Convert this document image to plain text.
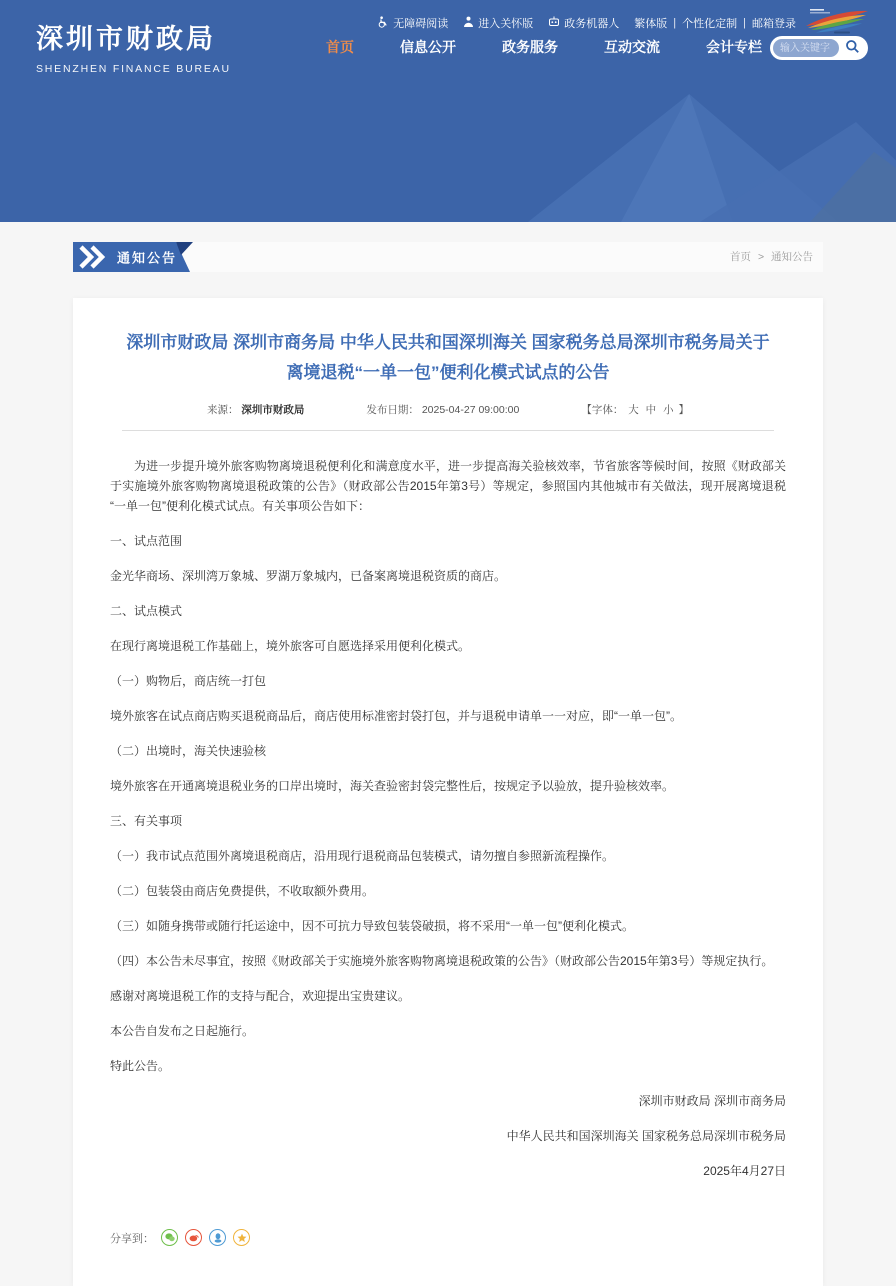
深圳市财政局
SHENZHEN FINANCE BUREAU
无障碍阅读	进入关怀版	政务机器人 繁体版 | 个性化定制 | 邮箱登录
首页	信息公开	政务服务	互动交流	会计专栏
输入关键字
通知公告	首页 > 通知公告
深圳市财政局 深圳市商务局 中华人民共和国深圳海关 国家税务总局深圳市税务局关于离境退税“一单一包”便利化模式试点的公告
来源： 深圳市财政局	发布日期： 2025-04-27 09:00:00	【字体： 大 中 小 】

为进一步提升境外旅客购物离境退税便利化和满意度水平，进一步提高海关验核效率，节省旅客等候时间，按照《财政部关于实施境外旅客购物离境退税政策的公告》（财政部公告2015年第3号）等规定，参照国内其他城市有关做法，现开展离境退税“一单一包”便利化模式试点。有关事项公告如下：

一、试点范围

金光华商场、深圳湾万象城、罗湖万象城内，已备案离境退税资质的商店。

二、试点模式

在现行离境退税工作基础上，境外旅客可自愿选择采用便利化模式。

（一）购物后，商店统一打包

境外旅客在试点商店购买退税商品后，商店使用标准密封袋打包，并与退税申请单一一对应，即“一单一包”。

（二）出境时，海关快速验核

境外旅客在开通离境退税业务的口岸出境时，海关查验密封袋完整性后，按规定予以验放，提升验核效率。

三、有关事项

（一）我市试点范围外离境退税商店，沿用现行退税商品包装模式，请勿擅自参照新流程操作。

（二）包装袋由商店免费提供，不收取额外费用。

（三）如随身携带或随行托运途中，因不可抗力导致包装袋破损，将不采用“一单一包”便利化模式。

（四）本公告未尽事宜，按照《财政部关于实施境外旅客购物离境退税政策的公告》（财政部公告2015年第3号）等规定执行。

感谢对离境退税工作的支持与配合，欢迎提出宝贵建议。

本公告自发布之日起施行。

特此公告。

深圳市财政局 深圳市商务局

中华人民共和国深圳海关 国家税务总局深圳市税务局

2025年4月27日

分享到：
